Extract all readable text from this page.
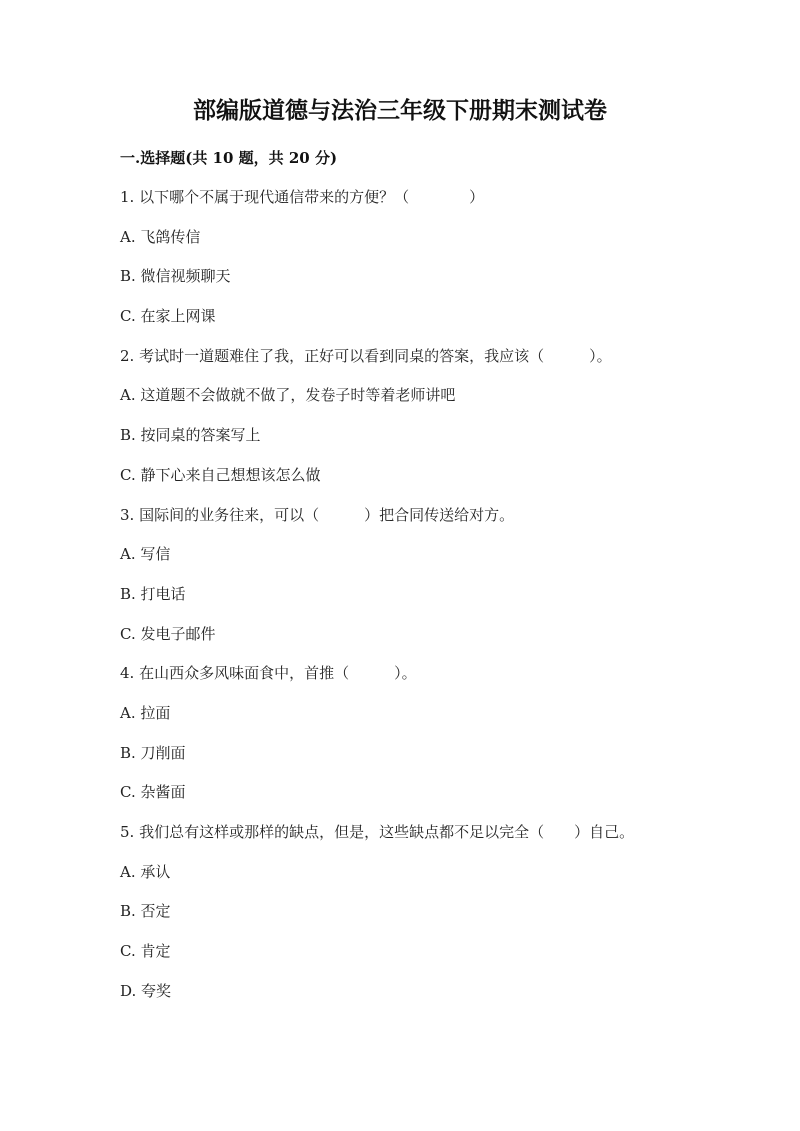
部编版道德与法治三年级下册期末测试卷
一.选择题(共 10 题，共 20 分)
1. 以下哪个不属于现代通信带来的方便？（　　　　）
A. 飞鸽传信
B. 微信视频聊天
C. 在家上网课
2. 考试时一道题难住了我，正好可以看到同桌的答案，我应该（　　　）。
A. 这道题不会做就不做了，发卷子时等着老师讲吧
B. 按同桌的答案写上
C. 静下心来自己想想该怎么做
3. 国际间的业务往来，可以（　　　）把合同传送给对方。
A. 写信
B. 打电话
C. 发电子邮件
4. 在山西众多风味面食中，首推（　　　）。
A. 拉面
B. 刀削面
C. 杂酱面
5. 我们总有这样或那样的缺点，但是，这些缺点都不足以完全（　　）自己。
A. 承认
B. 否定
C. 肯定
D. 夸奖
